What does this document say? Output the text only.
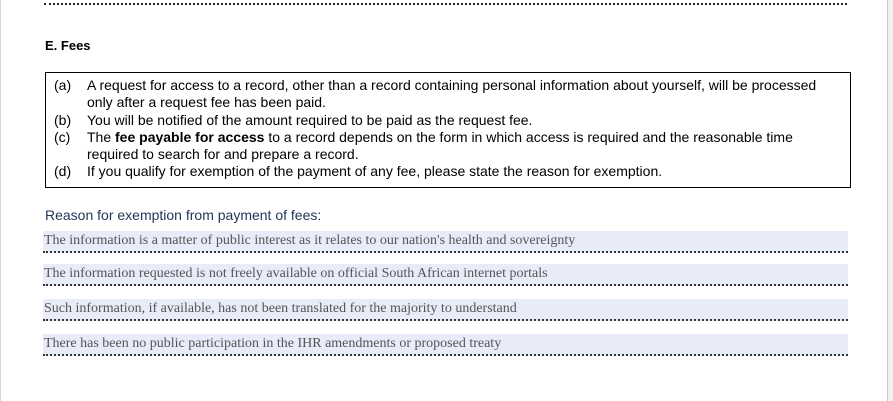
E. Fees
(a)	A request for access to a record, other than a record containing personal information about yourself, will be processed only after a request fee has been paid.
(b)	You will be notified of the amount required to be paid as the request fee.
(c)	The fee payable for access to a record depends on the form in which access is required and the reasonable time required to search for and prepare a record.
(d)	If you qualify for exemption of the payment of any fee, please state the reason for exemption.
Reason for exemption from payment of fees:
The information is a matter of public interest as it relates to our nation's health and sovereignty
The information requested is not freely available on official South African internet portals
Such information, if available, has not been translated for the majority to understand
There has been no public participation in the IHR amendments or proposed treaty
